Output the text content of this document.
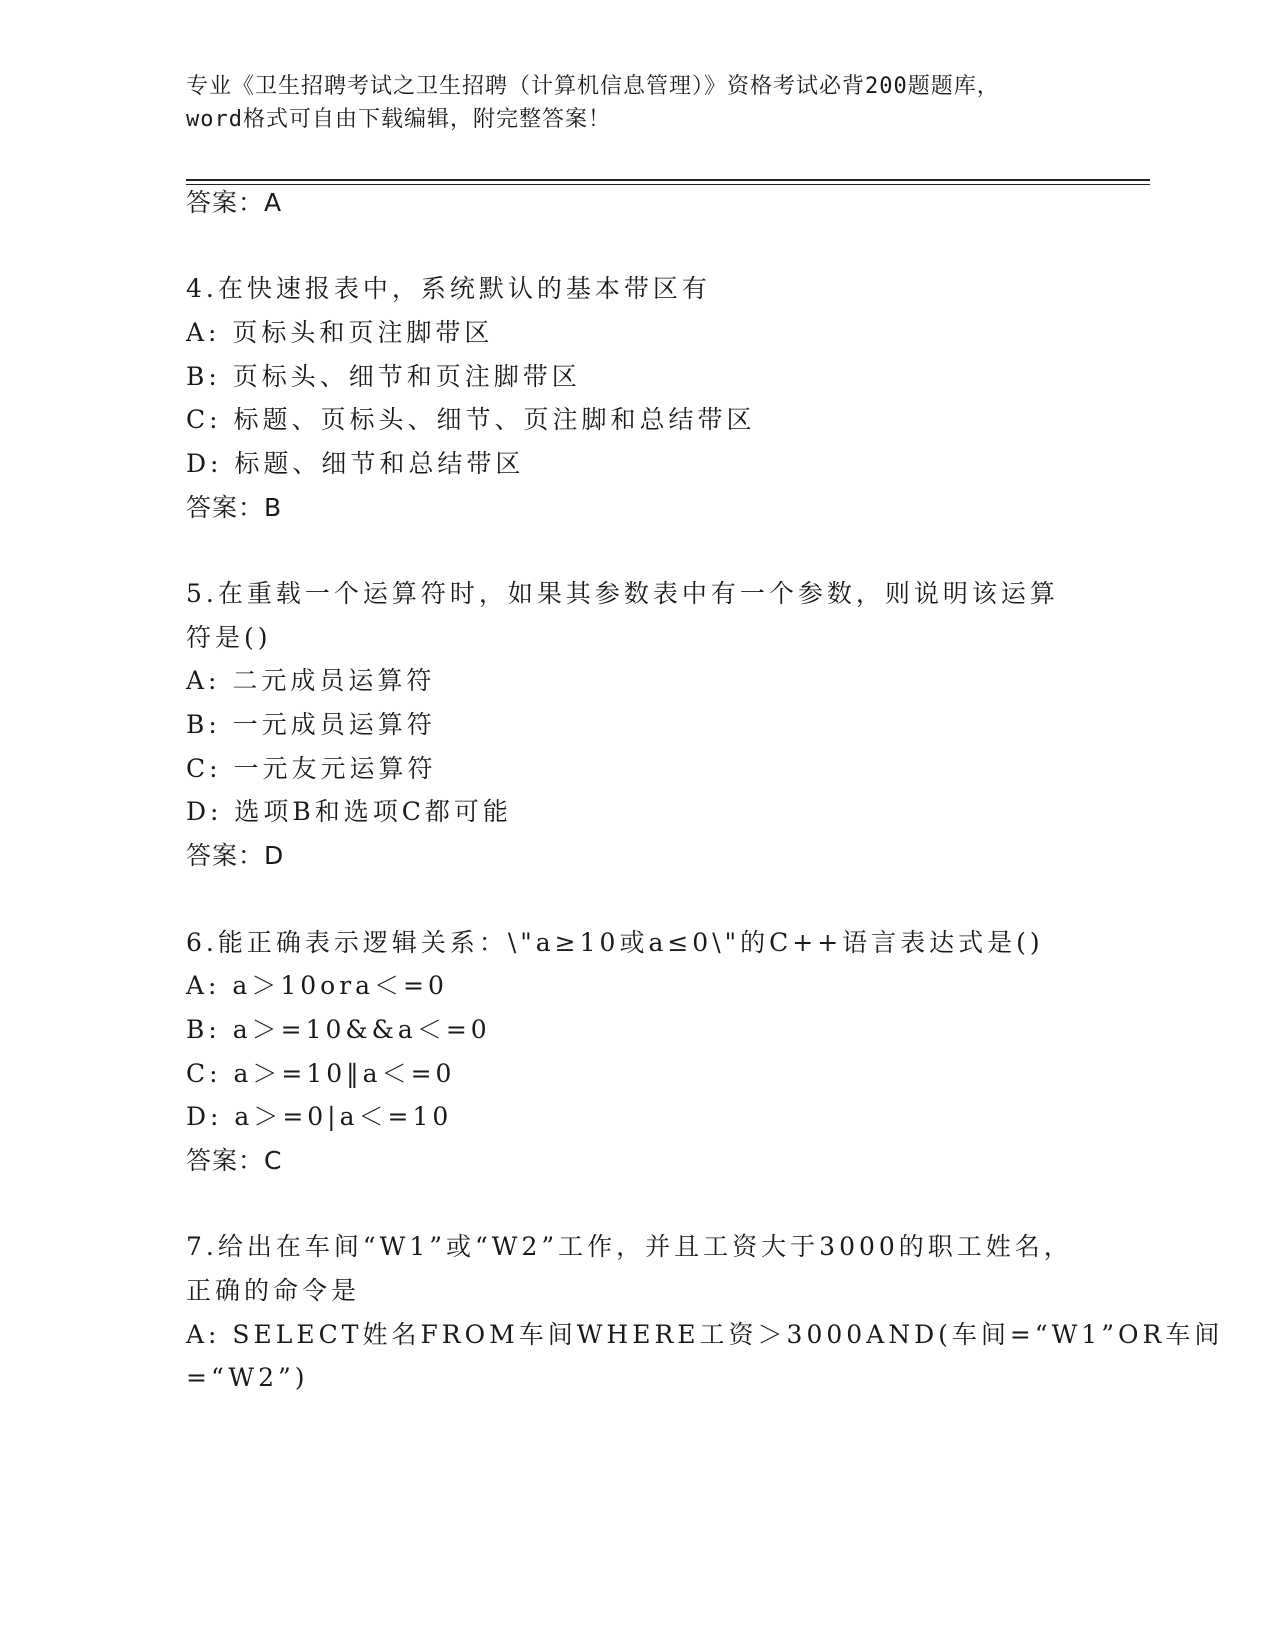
专业《卫生招聘考试之卫生招聘（计算机信息管理）》资格考试必背200题题库，
word格式可自由下载编辑，附完整答案！
答案：A
4.在快速报表中，系统默认的基本带区有
A: 页标头和页注脚带区
B: 页标头、细节和页注脚带区
C: 标题、页标头、细节、页注脚和总结带区
D: 标题、细节和总结带区
答案：B
5.在重载一个运算符时，如果其参数表中有一个参数，则说明该运算
符是()
A: 二元成员运算符
B: 一元成员运算符
C: 一元友元运算符
D: 选项B和选项C都可能
答案：D
6.能正确表示逻辑关系：\"a≥10或a≤0\"的C++语言表达式是()
A: a＞10ora＜=0
B: a＞=10&&a＜=0
C: a＞=10‖a＜=0
D: a＞=0|a＜=10
答案：C
7.给出在车间“W1”或“W2”工作，并且工资大于3000的职工姓名，
正确的命令是
A: SELECT姓名FROM车间WHERE工资＞3000AND(车间=“W1”OR车间
=“W2”)
